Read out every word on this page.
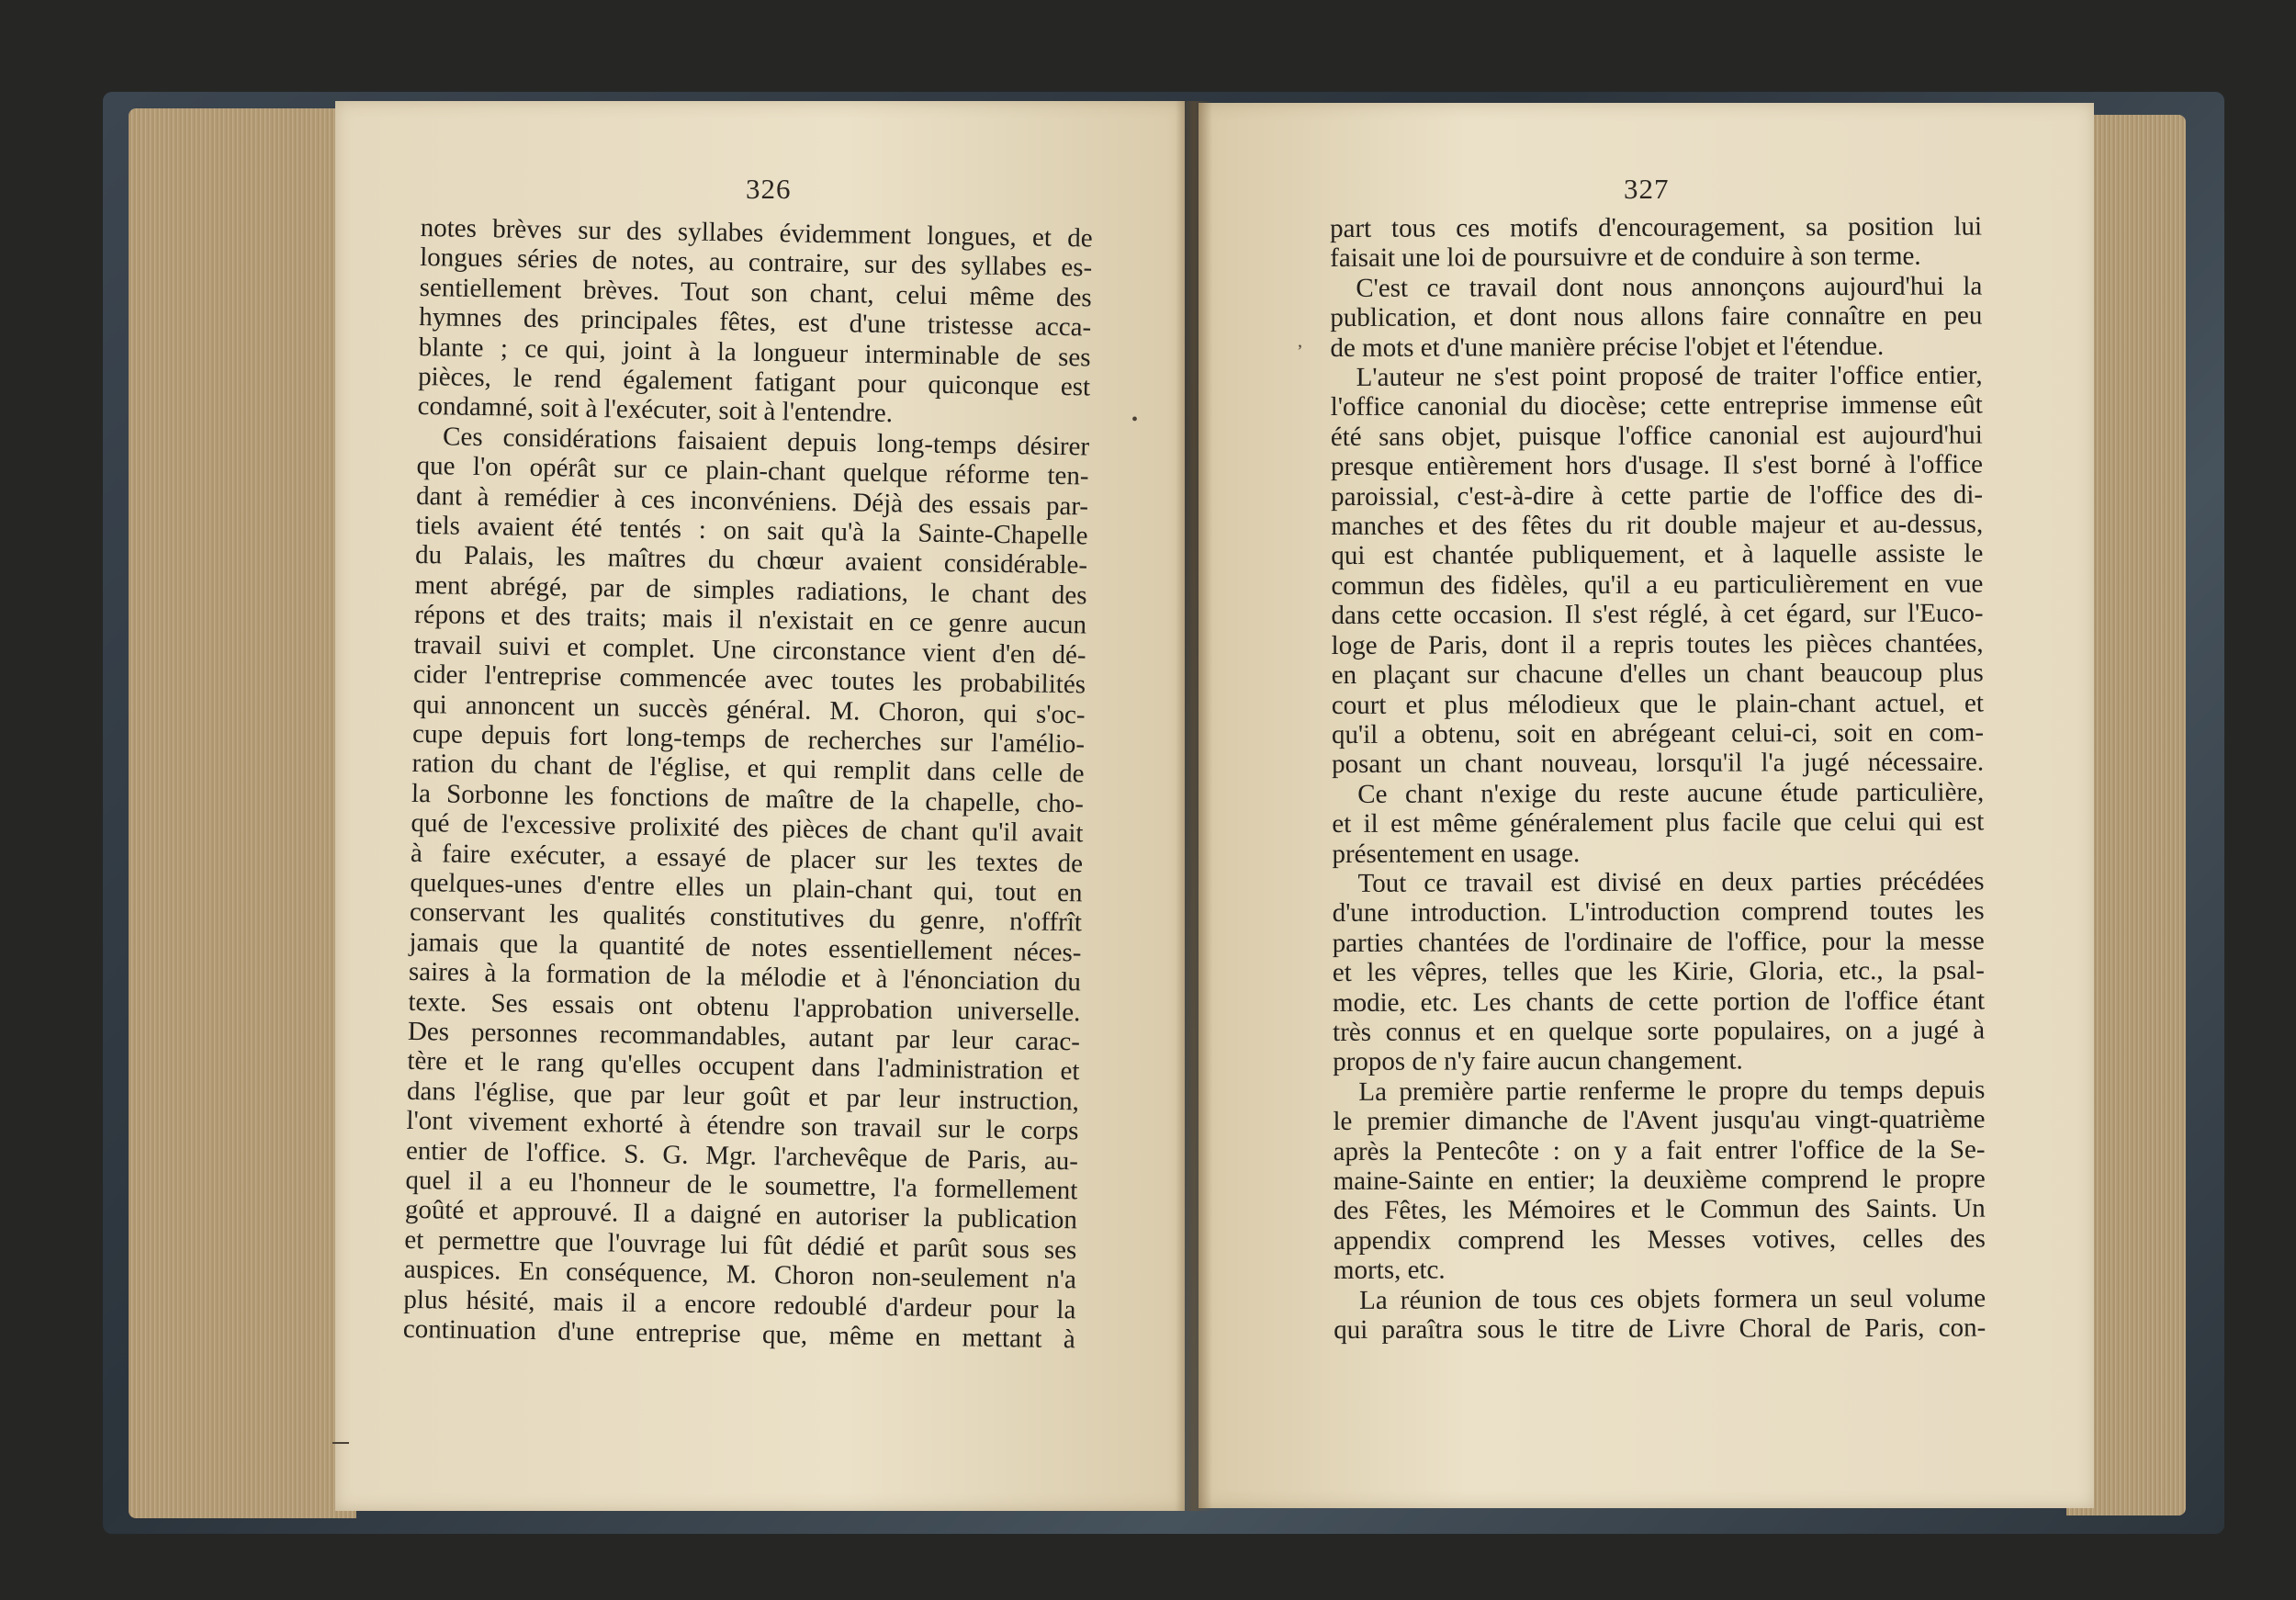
326	327
notes brèves sur des syllabes évidemment longues, et de
longues séries de notes, au contraire, sur des syllabes es-
sentiellement brèves. Tout son chant, celui même des
hymnes des principales fêtes, est d'une tristesse acca-
blante ; ce qui, joint à la longueur interminable de ses
pièces, le rend également fatigant pour quiconque est
condamné, soit à l'exécuter, soit à l'entendre.
Ces considérations faisaient depuis long-temps désirer
que l'on opérât sur ce plain-chant quelque réforme ten-
dant à remédier à ces inconvéniens. Déjà des essais par-
tiels avaient été tentés : on sait qu'à la Sainte-Chapelle
du Palais, les maîtres du chœur avaient considérable-
ment abrégé, par de simples radiations, le chant des
répons et des traits; mais il n'existait en ce genre aucun
travail suivi et complet. Une circonstance vient d'en dé-
cider l'entreprise commencée avec toutes les probabilités
qui annoncent un succès général. M. Choron, qui s'oc-
cupe depuis fort long-temps de recherches sur l'amélio-
ration du chant de l'église, et qui remplit dans celle de
la Sorbonne les fonctions de maître de la chapelle, cho-
qué de l'excessive prolixité des pièces de chant qu'il avait
à faire exécuter, a essayé de placer sur les textes de
quelques-unes d'entre elles un plain-chant qui, tout en
conservant les qualités constitutives du genre, n'offrît
jamais que la quantité de notes essentiellement néces-
saires à la formation de la mélodie et à l'énonciation du
texte. Ses essais ont obtenu l'approbation universelle.
Des personnes recommandables, autant par leur carac-
tère et le rang qu'elles occupent dans l'administration et
dans l'église, que par leur goût et par leur instruction,
l'ont vivement exhorté à étendre son travail sur le corps
entier de l'office. S. G. Mgr. l'archevêque de Paris, au-
quel il a eu l'honneur de le soumettre, l'a formellement
goûté et approuvé. Il a daigné en autoriser la publication
et permettre que l'ouvrage lui fût dédié et parût sous ses
auspices. En conséquence, M. Choron non-seulement n'a
plus hésité, mais il a encore redoublé d'ardeur pour la
continuation d'une entreprise que, même en mettant à
part tous ces motifs d'encouragement, sa position lui
faisait une loi de poursuivre et de conduire à son terme.
C'est ce travail dont nous annonçons aujourd'hui la
publication, et dont nous allons faire connaître en peu
de mots et d'une manière précise l'objet et l'étendue.
L'auteur ne s'est point proposé de traiter l'office entier,
l'office canonial du diocèse; cette entreprise immense eût
été sans objet, puisque l'office canonial est aujourd'hui
presque entièrement hors d'usage. Il s'est borné à l'office
paroissial, c'est-à-dire à cette partie de l'office des di-
manches et des fêtes du rit double majeur et au-dessus,
qui est chantée publiquement, et à laquelle assiste le
commun des fidèles, qu'il a eu particulièrement en vue
dans cette occasion. Il s'est réglé, à cet égard, sur l'Euco-
loge de Paris, dont il a repris toutes les pièces chantées,
en plaçant sur chacune d'elles un chant beaucoup plus
court et plus mélodieux que le plain-chant actuel, et
qu'il a obtenu, soit en abrégeant celui-ci, soit en com-
posant un chant nouveau, lorsqu'il l'a jugé nécessaire.
Ce chant n'exige du reste aucune étude particulière,
et il est même généralement plus facile que celui qui est
présentement en usage.
Tout ce travail est divisé en deux parties précédées
d'une introduction. L'introduction comprend toutes les
parties chantées de l'ordinaire de l'office, pour la messe
et les vêpres, telles que les Kirie, Gloria, etc., la psal-
modie, etc. Les chants de cette portion de l'office étant
très connus et en quelque sorte populaires, on a jugé à
propos de n'y faire aucun changement.
La première partie renferme le propre du temps depuis
le premier dimanche de l'Avent jusqu'au vingt-quatrième
après la Pentecôte : on y a fait entrer l'office de la Se-
maine-Sainte en entier; la deuxième comprend le propre
des Fêtes, les Mémoires et le Commun des Saints. Un
appendix comprend les Messes votives, celles des
morts, etc.
La réunion de tous ces objets formera un seul volume
qui paraîtra sous le titre de Livre Choral de Paris, con-
•
ʼ
